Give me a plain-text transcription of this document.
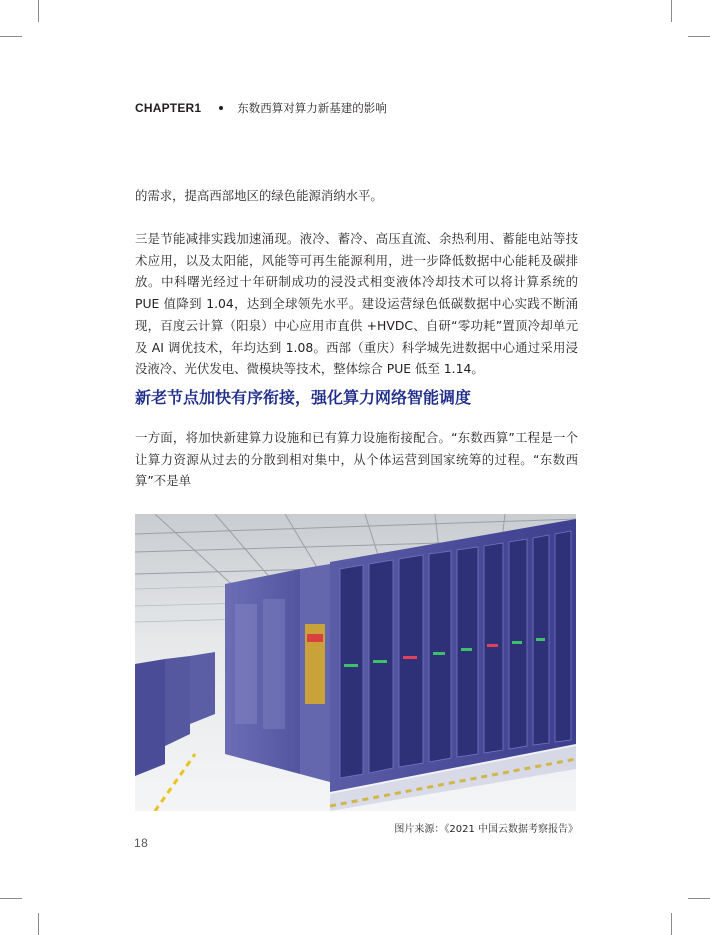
CHAPTER1	东数西算对算力新基建的影响

的需求，提高西部地区的绿色能源消纳水平。

三是节能减排实践加速涌现。液冷、蓄冷、高压直流、余热利用、蓄能电站等技术应用，以及太阳能，风能等可再生能源利用，进一步降低数据中心能耗及碳排放。中科曙光经过十年研制成功的浸没式相变液体冷却技术可以将计算系统的 PUE 值降到 1.04，达到全球领先水平。建设运营绿色低碳数据中心实践不断涌现，百度云计算（阳泉）中心应用市直供 +HVDC、自研“零功耗”置顶冷却单元及 AI 调优技术，年均达到 1.08。西部（重庆）科学城先进数据中心通过采用浸没液冷、光伏发电、微模块等技术，整体综合 PUE 低至 1.14。

新老节点加快有序衔接，强化算力网络智能调度

一方面，将加快新建算力设施和已有算力设施衔接配合。“东数西算”工程是一个让算力资源从过去的分散到相对集中，从个体运营到国家统筹的过程。“东数西算”不是单

图片来源：《2021 中国云数据考察报告》
18
